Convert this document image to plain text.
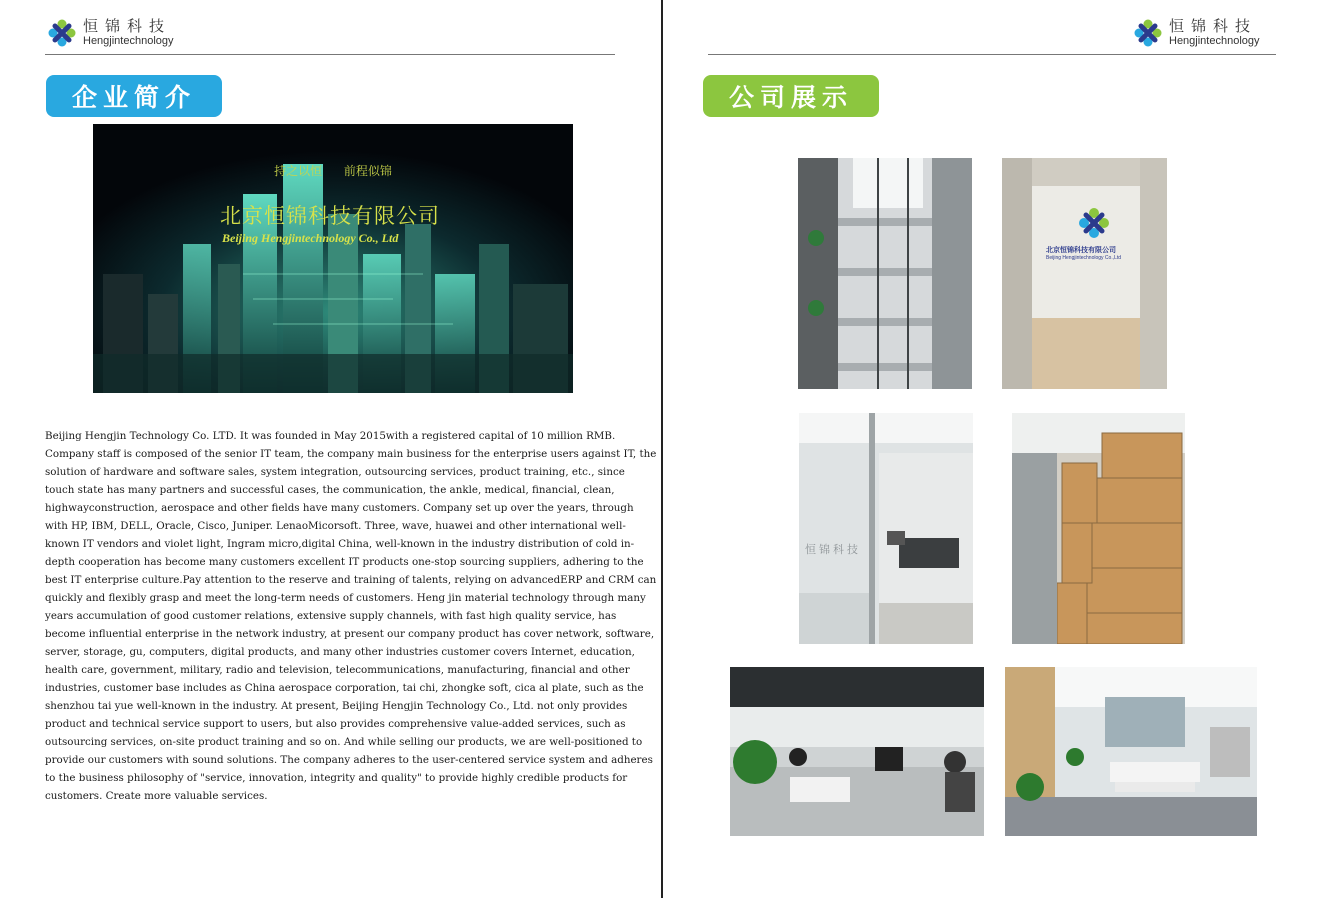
恒锦科技
Hengjintechnology
企业简介
持之以恒 前程似锦
北京恒锦科技有限公司
Beijing Hengjintechnology Co., Ltd
Beijing Hengjin Technology Co. LTD. It was founded in May 2015with a registered capital of 10 million RMB. Company staff is composed of the senior IT team, the company main business for the enterprise users against IT, the solution of hardware and software sales, system integration, outsourcing services, product training, etc., since touch state has many partners and successful cases, the communication, the ankle, medical, financial, clean, highwayconstruction, aerospace and other fields have many customers. Company set up over the years, through with HP, IBM, DELL, Oracle, Cisco, Juniper. LenaoMicorsoft. Three, wave, huawei and other international well-known IT vendors and violet light, Ingram micro,digital China, well-known in the industry distribution of cold in-depth cooperation has become many customers excellent IT products one-stop sourcing suppliers, adhering to the best IT enterprise culture.Pay attention to the reserve and training of talents, relying on advancedERP and CRM can quickly and flexibly grasp and meet the long-term needs of customers. Heng jin material technology through many years accumulation of good customer relations, extensive supply channels, with fast high quality service, has become influential enterprise in the network industry, at present our company product has cover network, software, server, storage, gu, computers, digital products, and many other industries customer covers Internet, education, health care, government, military, radio and television, telecommunications, manufacturing, financial and other industries, customer base includes as China aerospace corporation, tai chi, zhongke soft, cica al plate, such as the shenzhou tai yue well-known in the industry. At present, Beijing Hengjin Technology Co., Ltd. not only provides product and technical service support to users, but also provides comprehensive value-added services, such as outsourcing services, on-site product training and so on. And while selling our products, we are well-positioned to provide our customers with sound solutions. The company adheres to the user-centered service system and adheres to the business philosophy of "service, innovation, integrity and quality" to provide highly credible products for customers. Create more valuable services.
恒锦科技
Hengjintechnology
公司展示
北京恒锦科技有限公司
Beijing Hengjintechnology Co.,Ltd
恒锦科技
